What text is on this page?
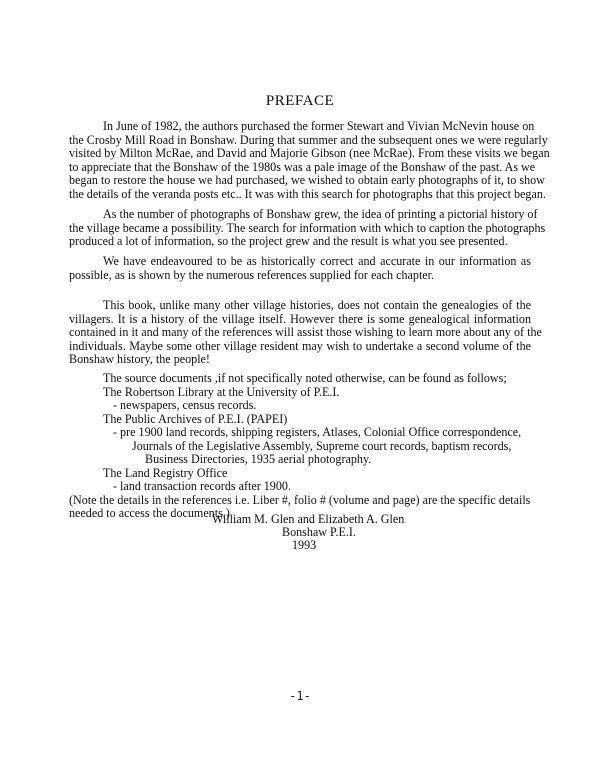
PREFACE
In June of 1982, the authors purchased the former Stewart and Vivian McNevin house on
the Crosby Mill Road in Bonshaw. During that summer and the subsequent ones we were regularly
visited by Milton McRae, and David and Majorie Gibson (nee McRae). From these visits we began
to appreciate that the Bonshaw of the 1980s was a pale image of the Bonshaw of the past. As we
began to restore the house we had purchased, we wished to obtain early photographs of it, to show
the details of the veranda posts etc.. It was with this search for photographs that this project began.
As the number of photographs of Bonshaw grew, the idea of printing a pictorial history of
the village became a possibility. The search for information with which to caption the photographs
produced a lot of information, so the project grew and the result is what you see presented.
We have endeavoured to be as historically correct and accurate in our information as
possible, as is shown by the numerous references supplied for each chapter.
This book, unlike many other village histories, does not contain the genealogies of the
villagers. It is a history of the village itself. However there is some genealogical information
contained in it and many of the references will assist those wishing to learn more about any of the
individuals. Maybe some other village resident may wish to undertake a second volume of the
Bonshaw history, the people!
The source documents ,if not specifically noted otherwise, can be found as follows;
The Robertson Library at the University of P.E.I.
- newspapers, census records.
The Public Archives of P.E.I. (PAPEI)
- pre 1900 land records, shipping registers, Atlases, Colonial Office correspondence,
Journals of the Legislative Assembly, Supreme court records, baptism records,
Business Directories, 1935 aerial photography.
The Land Registry Office
- land transaction records after 1900.
(Note the details in the references i.e. Liber #, folio # (volume and page) are the specific details
needed to access the documents.)
William M. Glen and Elizabeth A. Glen
Bonshaw P.E.I.
1993
-1-
